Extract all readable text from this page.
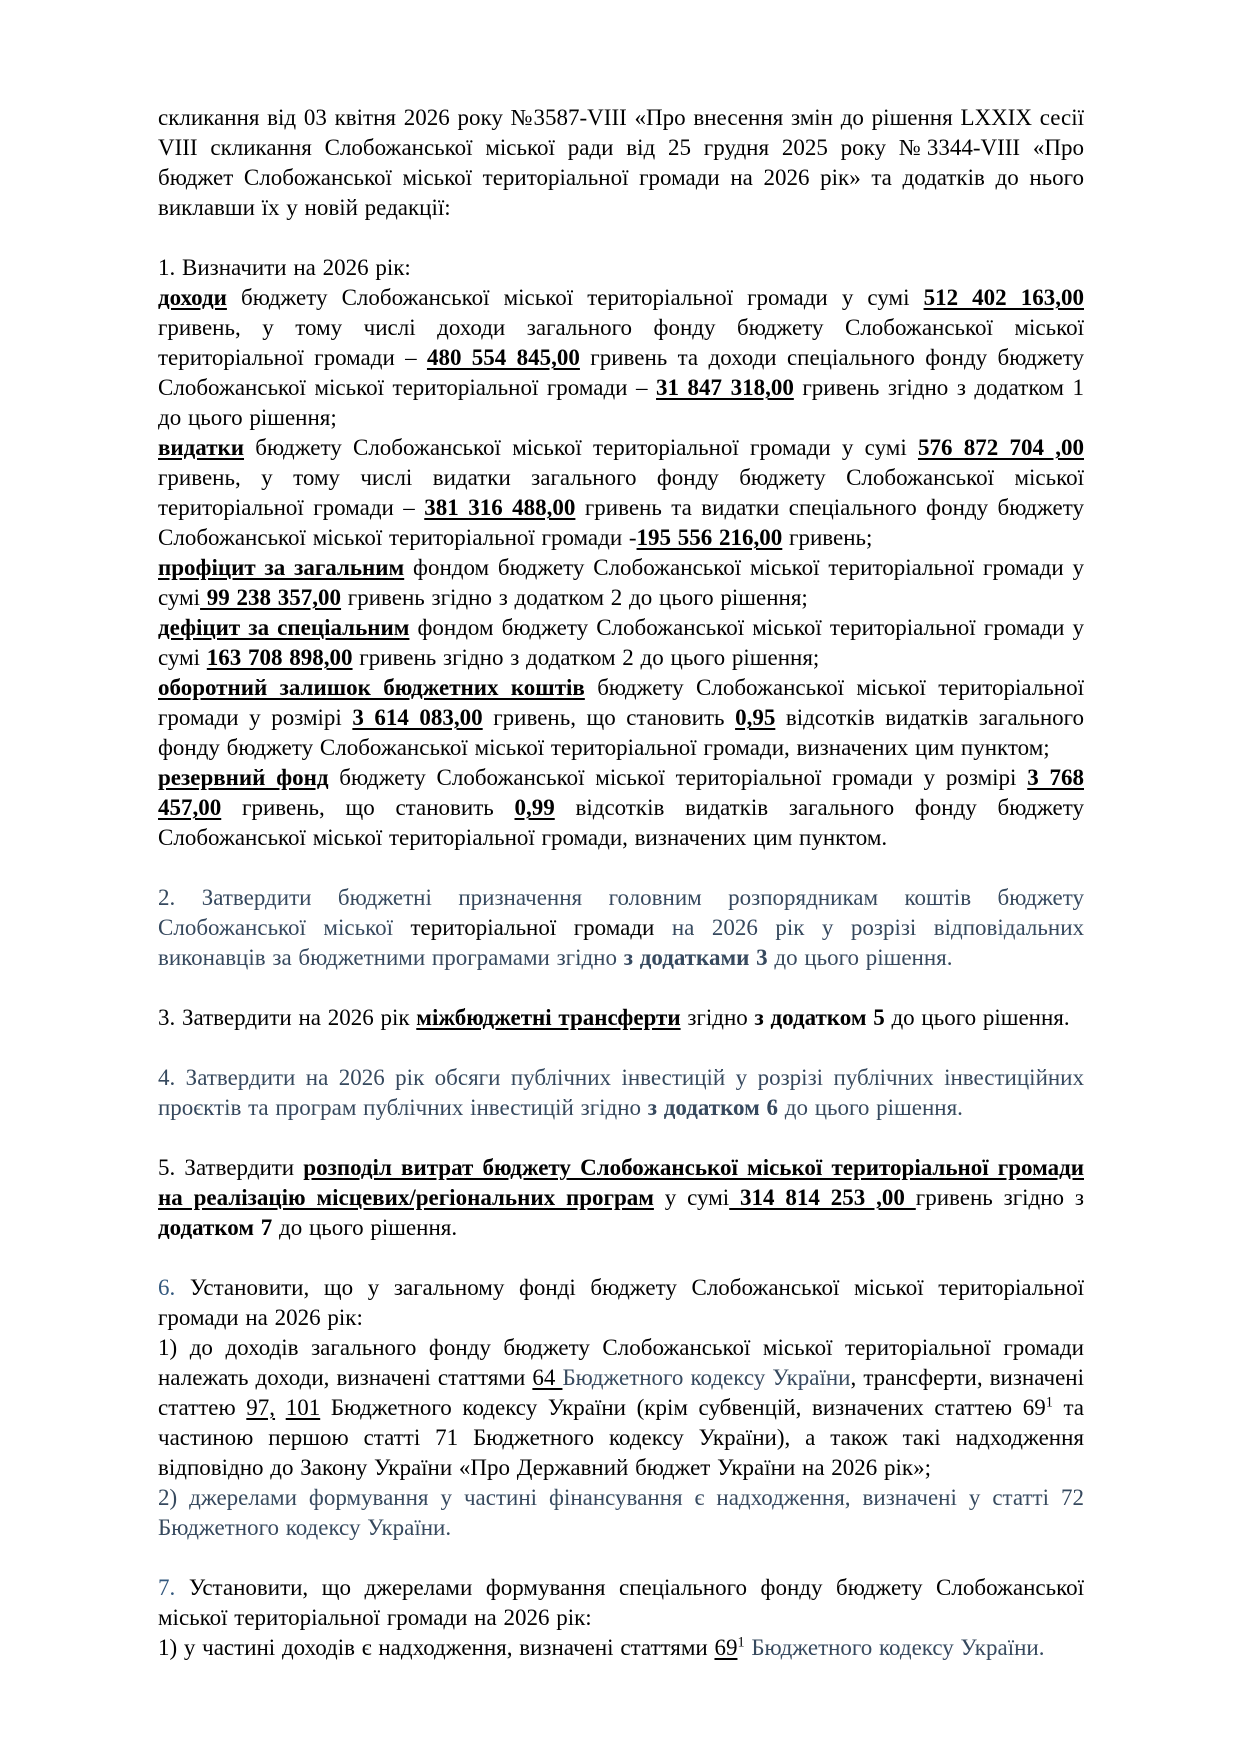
скликання від 03 квітня 2026 року №3587-VIII «Про внесення змін до рішення LXXIX сесії VIII скликання Слобожанської міської ради від 25 грудня 2025 року №3344-VIII «Про бюджет Слобожанської міської територіальної громади на 2026 рік» та додатків до нього виклавши їх у новій редакції:

1. Визначити на 2026 рік:

доходи бюджету Слобожанської міської територіальної громади у сумі 512 402 163,00 гривень, у тому числі доходи загального фонду бюджету Слобожанської міської територіальної громади – 480 554 845,00 гривень та доходи спеціального фонду бюджету Слобожанської міської територіальної громади – 31 847 318,00 гривень згідно з додатком 1 до цього рішення;

видатки бюджету Слобожанської міської територіальної громади у сумі 576 872 704 ,00 гривень, у тому числі видатки загального фонду бюджету Слобожанської міської територіальної громади – 381 316 488,00 гривень та видатки спеціального фонду бюджету Слобожанської міської територіальної громади -195 556 216,00 гривень;

профіцит за загальним фондом бюджету Слобожанської міської територіальної громади у сумі 99 238 357,00 гривень згідно з додатком 2 до цього рішення;

дефіцит за спеціальним фондом бюджету Слобожанської міської територіальної громади у сумі 163 708 898,00 гривень згідно з додатком 2 до цього рішення;

оборотний залишок бюджетних коштів бюджету Слобожанської міської територіальної громади у розмірі 3 614 083,00 гривень, що становить 0,95 відсотків видатків загального фонду бюджету Слобожанської міської територіальної громади, визначених цим пунктом;

резервний фонд бюджету Слобожанської міської територіальної громади у розмірі 3 768 457,00 гривень, що становить 0,99 відсотків видатків загального фонду бюджету Слобожанської міської територіальної громади, визначених цим пунктом.

2. Затвердити бюджетні призначення головним розпорядникам коштів бюджету Слобожанської міської територіальної громади на 2026 рік у розрізі відповідальних виконавців за бюджетними програмами згідно з додатками 3 до цього рішення.

3. Затвердити на 2026 рік міжбюджетні трансферти згідно з додатком 5 до цього рішення.

4. Затвердити на 2026 рік обсяги публічних інвестицій у розрізі публічних інвестиційних проєктів та програм публічних інвестицій згідно з додатком 6 до цього рішення.

5. Затвердити розподіл витрат бюджету Слобожанської міської територіальної громади на реалізацію місцевих/регіональних програм у сумі 314 814 253 ,00 гривень згідно з додатком 7 до цього рішення.

6. Установити, що у загальному фонді бюджету Слобожанської міської територіальної громади на 2026 рік:

1) до доходів загального фонду бюджету Слобожанської міської територіальної громади належать доходи, визначені статтями 64 Бюджетного кодексу України, трансферти, визначені статтею 97, 101 Бюджетного кодексу України (крім субвенцій, визначених статтею $69^1$ та частиною першою статті 71 Бюджетного кодексу України), а також такі надходження відповідно до Закону України «Про Державний бюджет України на 2026 рік»;

2) джерелами формування у частині фінансування є надходження, визначені у статті 72 Бюджетного кодексу України.

7. Установити, що джерелами формування спеціального фонду бюджету Слобожанської міської територіальної громади на 2026 рік:

1) у частині доходів є надходження, визначені статтями $69^1$ Бюджетного кодексу України.
